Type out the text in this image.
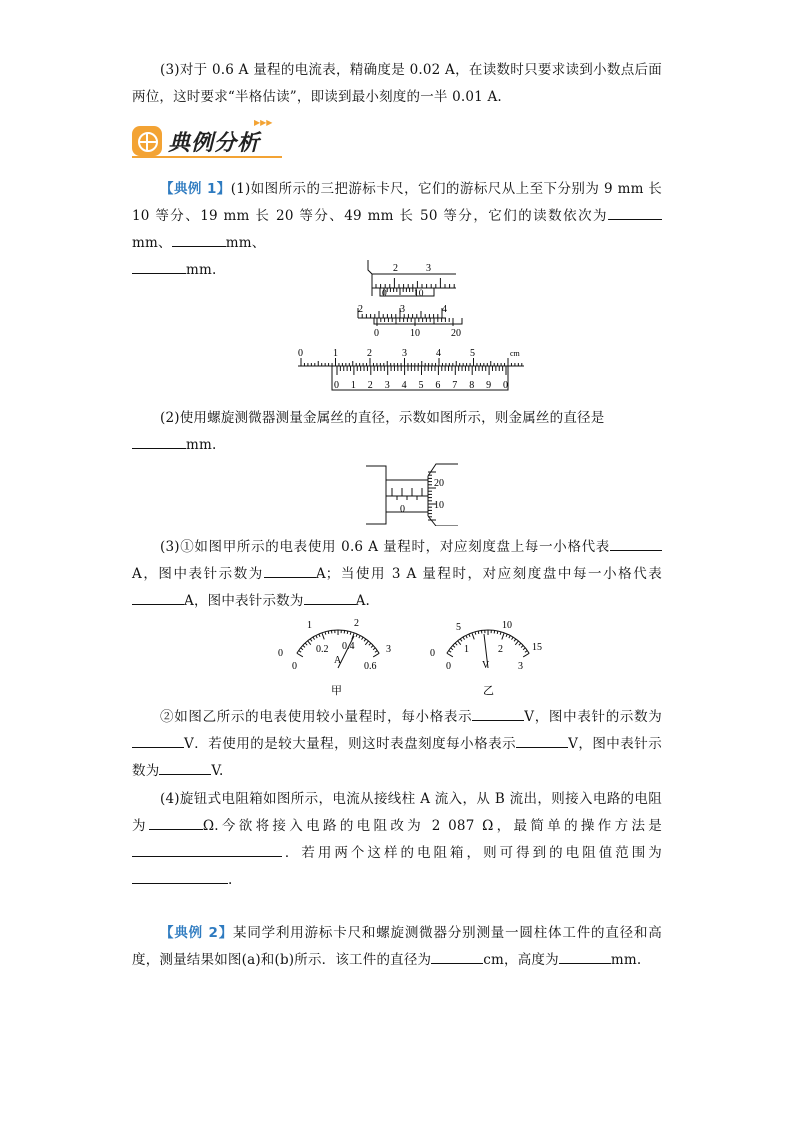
(3)对于 0.6 A 量程的电流表，精确度是 0.02 A，在读数时只要求读到小数点后面两位，这时要求“半格估读”，即读到最小刻度的一半 0.01 A.

典例分析
▶▶▶

【典例 1】(1)如图所示的三把游标卡尺，它们的游标尺从上至下分别为 9 mm 长 10 等分、19 mm 长 20 等分、49 mm 长 50 等分，它们的读数依次为mm、	mm、
mm.	2	3
0	10
2	3	4
0	10	20
0	1	2	3	4	5	cm
0 1 2 3 4 5 6 7 8 9 0

(2)使用螺旋测微器测量金属丝的直径，示数如图所示，则金属丝的直径是
mm.

0
20
10

(3)①如图甲所示的电表使用 0.6 A 量程时，对应刻度盘上每一小格代表A，图中表针示数为	A；当使用 3 A 量程时，对应刻度盘中每一小格代表A，图中表针示数为	A.

1	2
0	3
0
0.2 0.4
0.6
A
甲
5	10
0
15
0
1	2
3
V
乙

②如图乙所示的电表使用较小量程时，每小格表示	V，图中表针的示数为V．若使用的是较大量程，则这时表盘刻度每小格表示	V，图中表针示数为	V.

(4)旋钮式电阻箱如图所示，电流从接线柱 A 流入，从 B 流出，则接入电路的电阻为	Ω.今欲将接入电路的电阻改为 2 087 Ω，最简单的操作方法是．若用两个这样的电阻箱，则可得到的电阻值范围为.

【典例 2】某同学利用游标卡尺和螺旋测微器分别测量一圆柱体工件的直径和高度，测量结果如图(a)和(b)所示．该工件的直径为	cm，高度为	mm.
